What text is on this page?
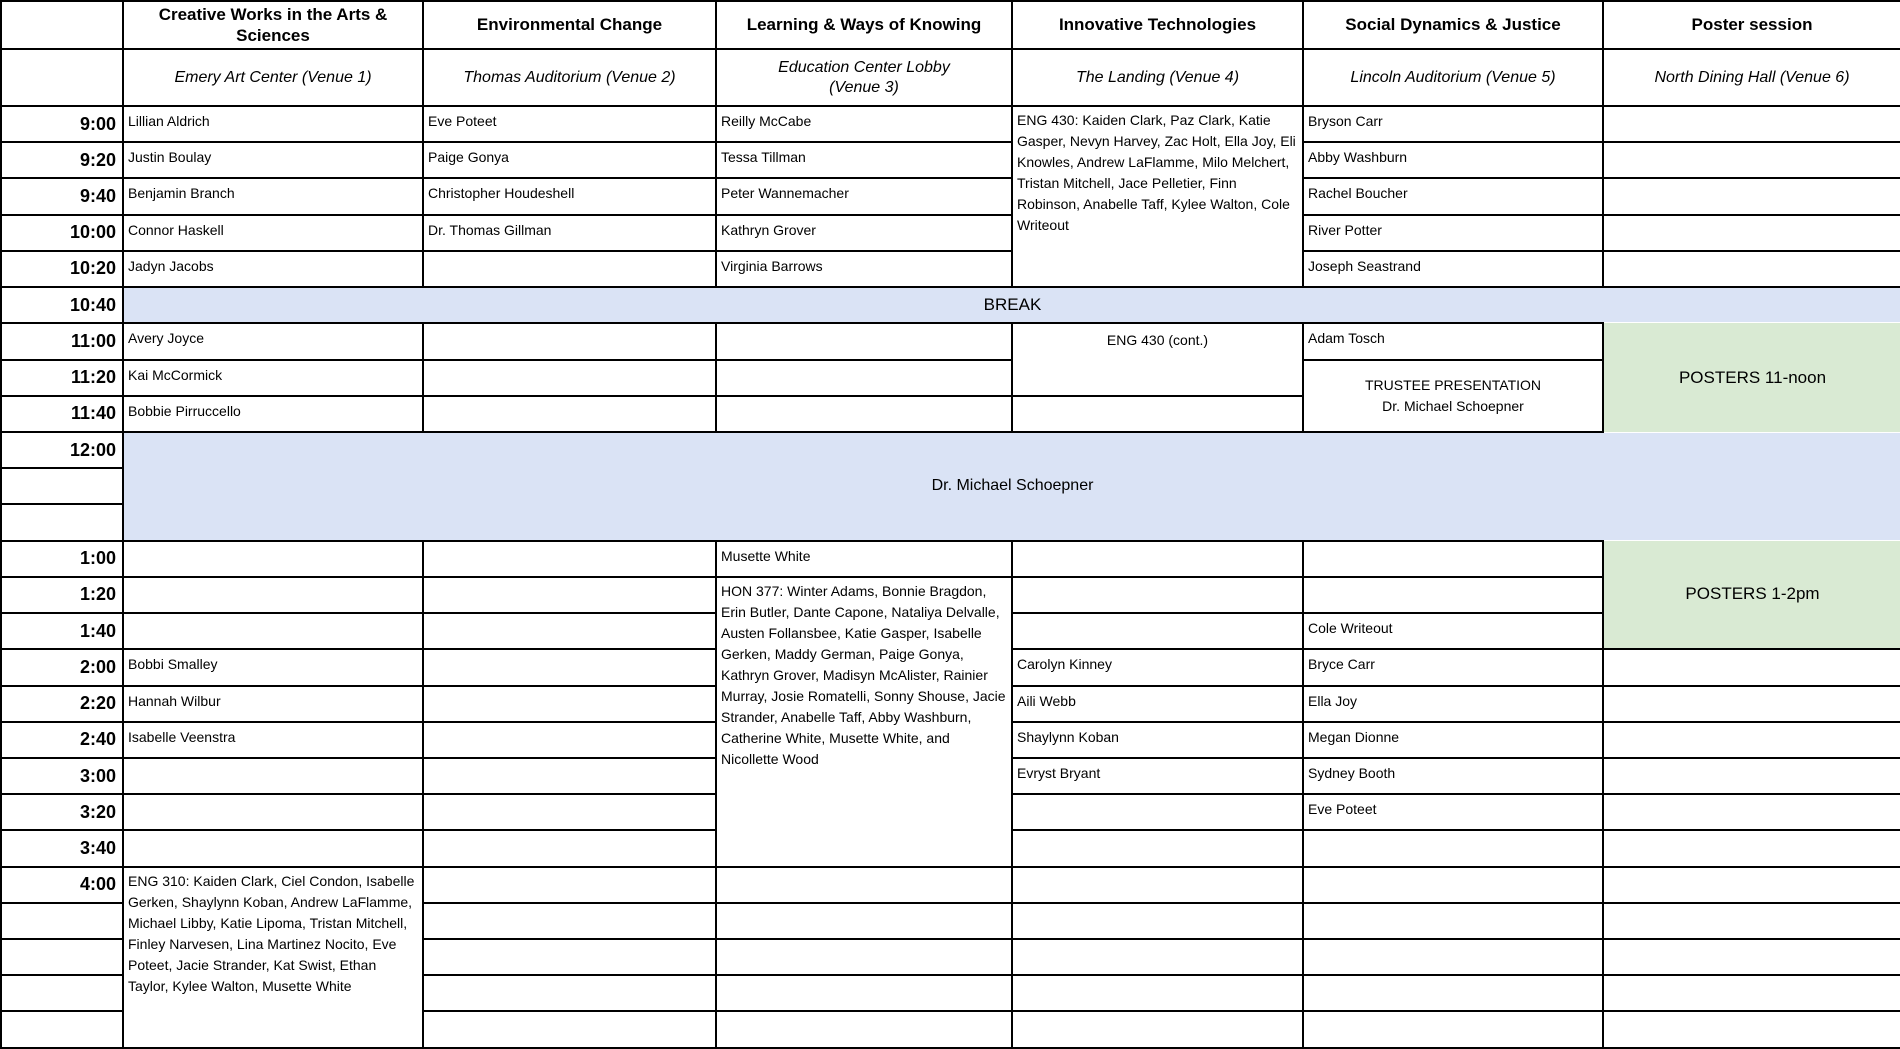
	Creative Works in the Arts & Sciences	Environmental Change	Learning & Ways of Knowing	Innovative Technologies	Social Dynamics & Justice	Poster session
	Emery Art Center (Venue 1)	Thomas Auditorium (Venue 2)	Education Center Lobby (Venue 3)	The Landing (Venue 4)	Lincoln Auditorium (Venue 5)	North Dining Hall (Venue 6)
9:00	Lillian Aldrich	Eve Poteet	Reilly McCabe	ENG 430: Kaiden Clark, Paz Clark, Katie Gasper, Nevyn Harvey, Zac Holt, Ella Joy, Eli Knowles, Andrew LaFlamme, Milo Melchert, Tristan Mitchell, Jace Pelletier, Finn Robinson, Anabelle Taff, Kylee Walton, Cole Writeout	Bryson Carr	
9:20	Justin Boulay	Paige Gonya	Tessa Tillman		Abby Washburn	
9:40	Benjamin Branch	Christopher Houdeshell	Peter Wannemacher		Rachel Boucher	
10:00	Connor Haskell	Dr. Thomas Gillman	Kathryn Grover		River Potter	
10:20	Jadyn Jacobs		Virginia Barrows		Joseph Seastrand	
10:40	BREAK					
11:00	Avery Joyce			ENG 430 (cont.)	Adam Tosch	POSTERS 11-noon
11:20	Kai McCormick				TRUSTEE PRESENTATION
Dr. Michael Schoepner	

11:40	Bobbie Pirruccello					
12:00	Dr. Michael Schoepner					

1:00			Musette White			POSTERS 1-2pm
1:20			HON 377: Winter Adams, Bonnie Bragdon, Erin Butler, Dante Capone, Nataliya Delvalle, Austen Follansbee, Katie Gasper, Isabelle Gerken, Maddy German, Paige Gonya, Kathryn Grover, Madisyn McAlister, Rainier Murray, Josie Romatelli, Sonny Shouse, Jacie Strander, Anabelle Taff, Abby Washburn, Catherine White, Musette White, and Nicollette Wood			
1:40					Cole Writeout	
2:00	Bobbi Smalley			Carolyn Kinney	Bryce Carr	
2:20	Hannah Wilbur			Aili Webb	Ella Joy	
2:40	Isabelle Veenstra			Shaylynn Koban	Megan Dionne	
3:00				Evryst Bryant	Sydney Booth	
3:20					Eve Poteet	
3:40						
4:00	ENG 310: Kaiden Clark, Ciel Condon, Isabelle Gerken, Shaylynn Koban, Andrew LaFlamme, Michael Libby, Katie Lipoma, Tristan Mitchell, Finley Narvesen, Lina Martinez Nocito, Eve Poteet, Jacie Strander, Kat Swist, Ethan Taylor, Kylee Walton, Musette White					
